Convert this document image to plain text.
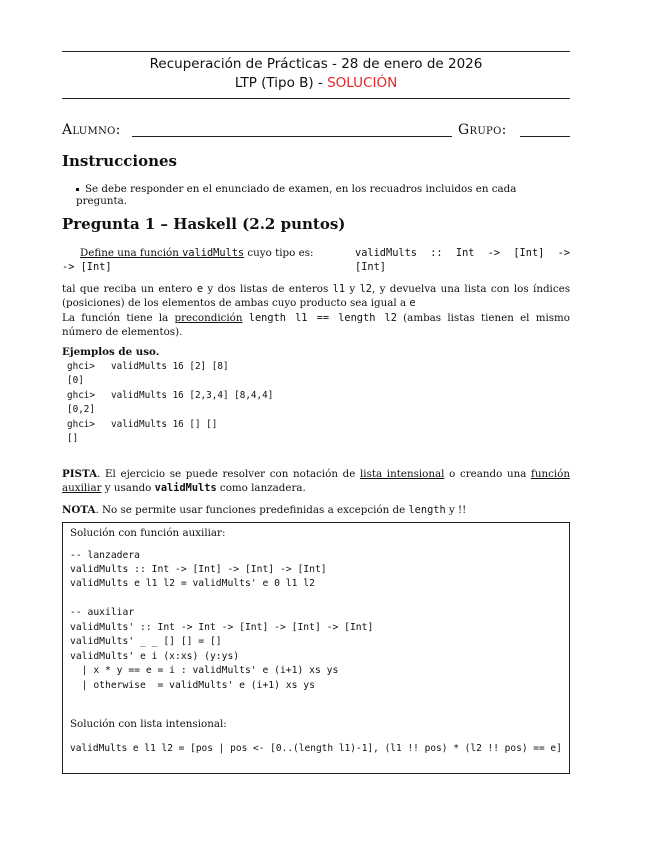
Recuperación de Prácticas - 28 de enero de 2026
LTP (Tipo B) - SOLUCIÓN
Alumno:	Grupo:
Instrucciones
Se debe responder en el enunciado de examen, en los recuadros incluidos en cada pregunta.
Pregunta 1 – Haskell (2.2 puntos)
Define una función validMults cuyo tipo es:	validMults :: Int -> [Int] -> [Int]
-> [Int]
tal que reciba un entero e y dos listas de enteros l1 y l2, y devuelva una lista con los índices (posiciones) de los elementos de ambas cuyo producto sea igual a e
La función tiene la precondición length l1 == length l2 (ambas listas tienen el mismo número de elementos).
Ejemplos de uso.
ghci> validMults 16 [2] [8]
[0]
ghci> validMults 16 [2,3,4] [8,4,4]
[0,2]
ghci> validMults 16 [] []
[]
PISTA. El ejercicio se puede resolver con notación de lista intensional o creando una función auxiliar y usando validMults como lanzadera.
NOTA. No se permite usar funciones predefinidas a excepción de length y !!
Solución con función auxiliar:
-- lanzadera
validMults :: Int -> [Int] -> [Int] -> [Int]
validMults e l1 l2 = validMults' e 0 l1 l2
-- auxiliar
validMults' :: Int -> Int -> [Int] -> [Int] -> [Int]
validMults' _ _ [] [] = []
validMults' e i (x:xs) (y:ys)
| x * y == e = i : validMults' e (i+1) xs ys
| otherwise  = validMults' e (i+1) xs ys
Solución con lista intensional:
validMults e l1 l2 = [pos | pos <- [0..(length l1)-1], (l1 !! pos) * (l2 !! pos) == e]
